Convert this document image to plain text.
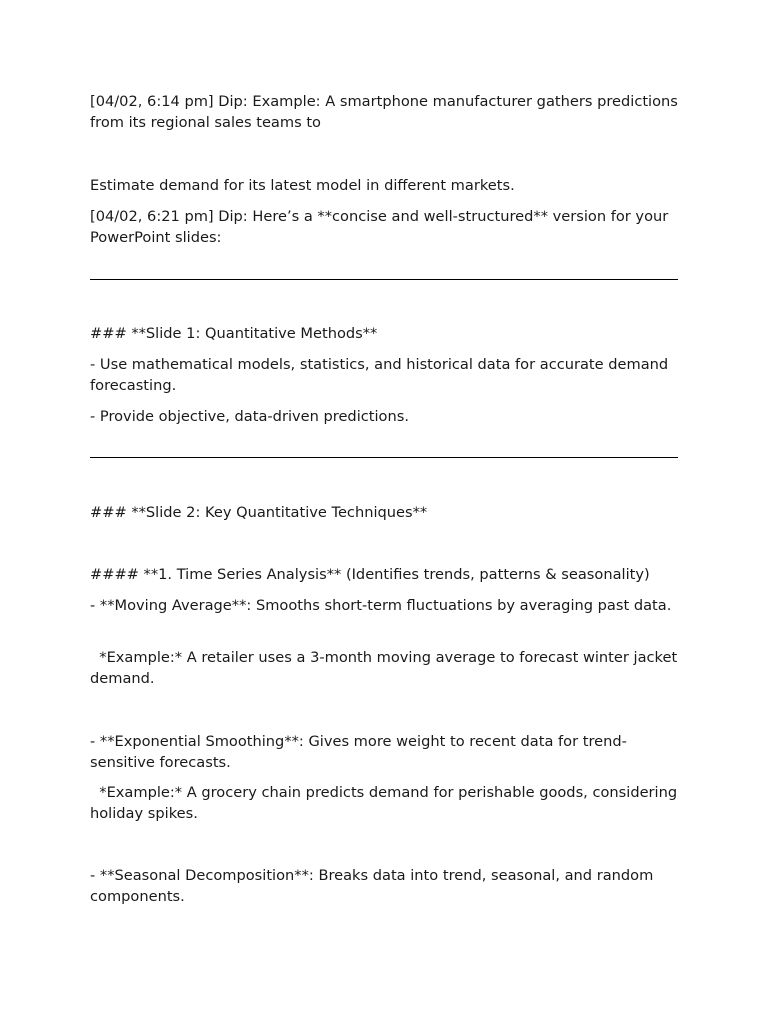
[04/02, 6:14 pm] Dip: Example: A smartphone manufacturer gathers predictions from its regional sales teams to

Estimate demand for its latest model in different markets.

[04/02, 6:21 pm] Dip: Here’s a **concise and well-structured** version for your PowerPoint slides:

### **Slide 1: Quantitative Methods**

- Use mathematical models, statistics, and historical data for accurate demand forecasting.

- Provide objective, data-driven predictions.

### **Slide 2: Key Quantitative Techniques**

#### **1. Time Series Analysis** (Identifies trends, patterns & seasonality)

- **Moving Average**: Smooths short-term fluctuations by averaging past data.

*Example:* A retailer uses a 3-month moving average to forecast winter jacket demand.

- **Exponential Smoothing**: Gives more weight to recent data for trend-sensitive forecasts.

*Example:* A grocery chain predicts demand for perishable goods, considering holiday spikes.

- **Seasonal Decomposition**: Breaks data into trend, seasonal, and random components.
